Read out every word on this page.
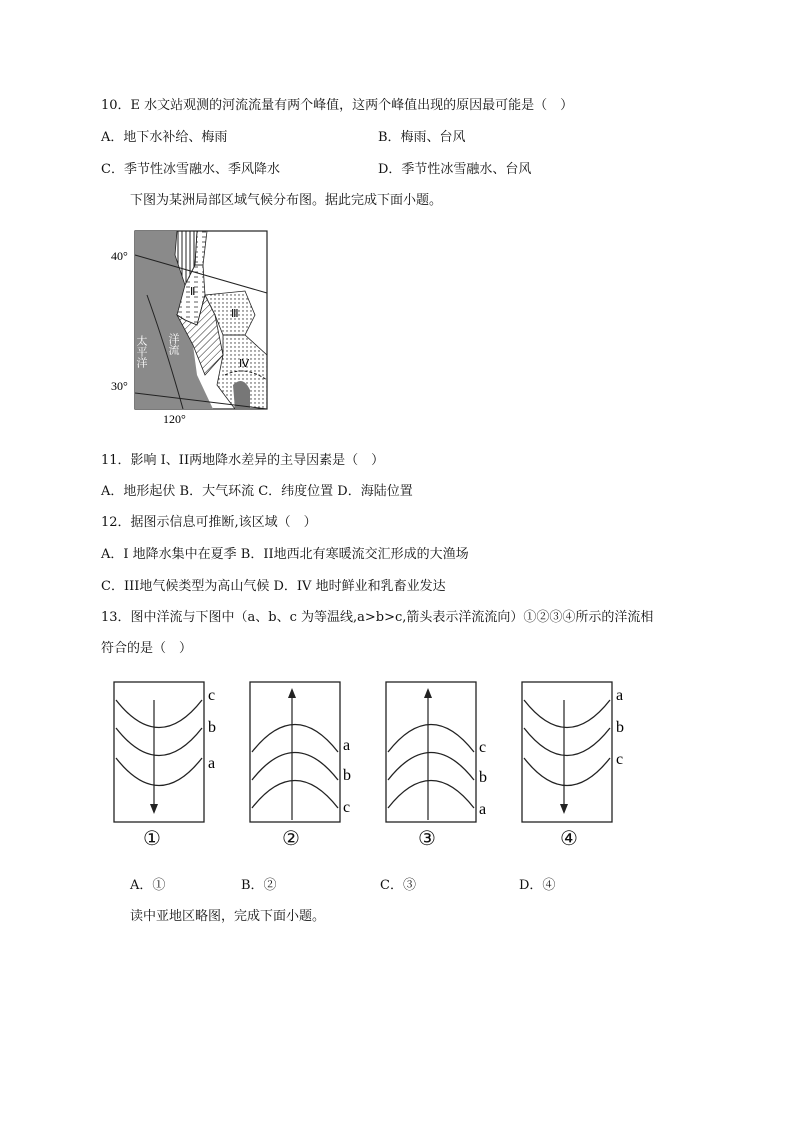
10．E 水文站观测的河流流量有两个峰值，这两个峰值出现的原因最可能是（　）
A．地下水补给、梅雨	B．梅雨、台风
C．季节性冰雪融水、季风降水	D．季节性冰雪融水、台风
下图为某洲局部区域气候分布图。据此完成下面小题。
40°
30°
120°
Ⅱ
Ⅲ
Ⅳ
太平洋 洋流
11．影响 I、II两地降水差异的主导因素是（　）
A．地形起伏 B．大气环流 C．纬度位置 D．海陆位置
12．据图示信息可推断,该区域（　）
A．I 地降水集中在夏季 B．II地西北有寒暖流交汇形成的大渔场
C．III地气候类型为高山气候 D．IV 地时鲜业和乳畜业发达
13．图中洋流与下图中（a、b、c 为等温线,a>b>c,箭头表示洋流流向）①②③④所示的洋流相
符合的是（　）
c
b
a
①
a
b
c
②
c
b
a
③
a
b
c
④
A．①	B．②	C．③	D．④
读中亚地区略图，完成下面小题。
